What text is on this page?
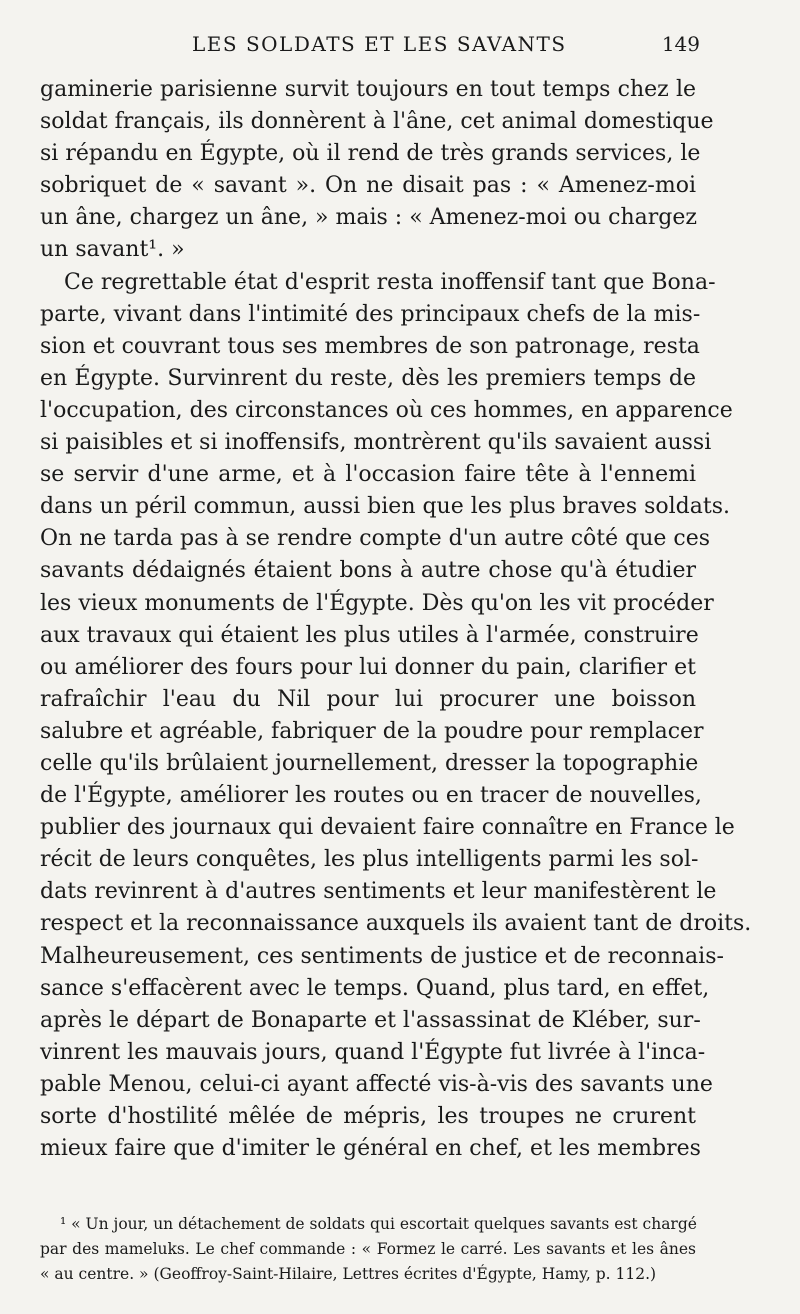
LES SOLDATS ET LES SAVANTS	149
gaminerie parisienne survit toujours en tout temps chez le
soldat français, ils donnèrent à l'âne, cet animal domestique
si répandu en Égypte, où il rend de très grands services, le
sobriquet de « savant ». On ne disait pas : « Amenez-moi
un âne, chargez un âne, » mais : « Amenez-moi ou chargez
un savant¹. »
Ce regrettable état d'esprit resta inoffensif tant que Bona-
parte, vivant dans l'intimité des principaux chefs de la mis-
sion et couvrant tous ses membres de son patronage, resta
en Égypte. Survinrent du reste, dès les premiers temps de
l'occupation, des circonstances où ces hommes, en apparence
si paisibles et si inoffensifs, montrèrent qu'ils savaient aussi
se servir d'une arme, et à l'occasion faire tête à l'ennemi
dans un péril commun, aussi bien que les plus braves soldats.
On ne tarda pas à se rendre compte d'un autre côté que ces
savants dédaignés étaient bons à autre chose qu'à étudier
les vieux monuments de l'Égypte. Dès qu'on les vit procéder
aux travaux qui étaient les plus utiles à l'armée, construire
ou améliorer des fours pour lui donner du pain, clarifier et
rafraîchir l'eau du Nil pour lui procurer une boisson
salubre et agréable, fabriquer de la poudre pour remplacer
celle qu'ils brûlaient journellement, dresser la topographie
de l'Égypte, améliorer les routes ou en tracer de nouvelles,
publier des journaux qui devaient faire connaître en France le
récit de leurs conquêtes, les plus intelligents parmi les sol-
dats revinrent à d'autres sentiments et leur manifestèrent le
respect et la reconnaissance auxquels ils avaient tant de droits.
Malheureusement, ces sentiments de justice et de reconnais-
sance s'effacèrent avec le temps. Quand, plus tard, en effet,
après le départ de Bonaparte et l'assassinat de Kléber, sur-
vinrent les mauvais jours, quand l'Égypte fut livrée à l'inca-
pable Menou, celui-ci ayant affecté vis-à-vis des savants une
sorte d'hostilité mêlée de mépris, les troupes ne crurent
mieux faire que d'imiter le général en chef, et les membres
¹ « Un jour, un détachement de soldats qui escortait quelques savants est chargé
par des mameluks. Le chef commande : « Formez le carré. Les savants et les ânes
« au centre. » (Geoffroy-Saint-Hilaire, Lettres écrites d'Égypte, Hamy, p. 112.)
